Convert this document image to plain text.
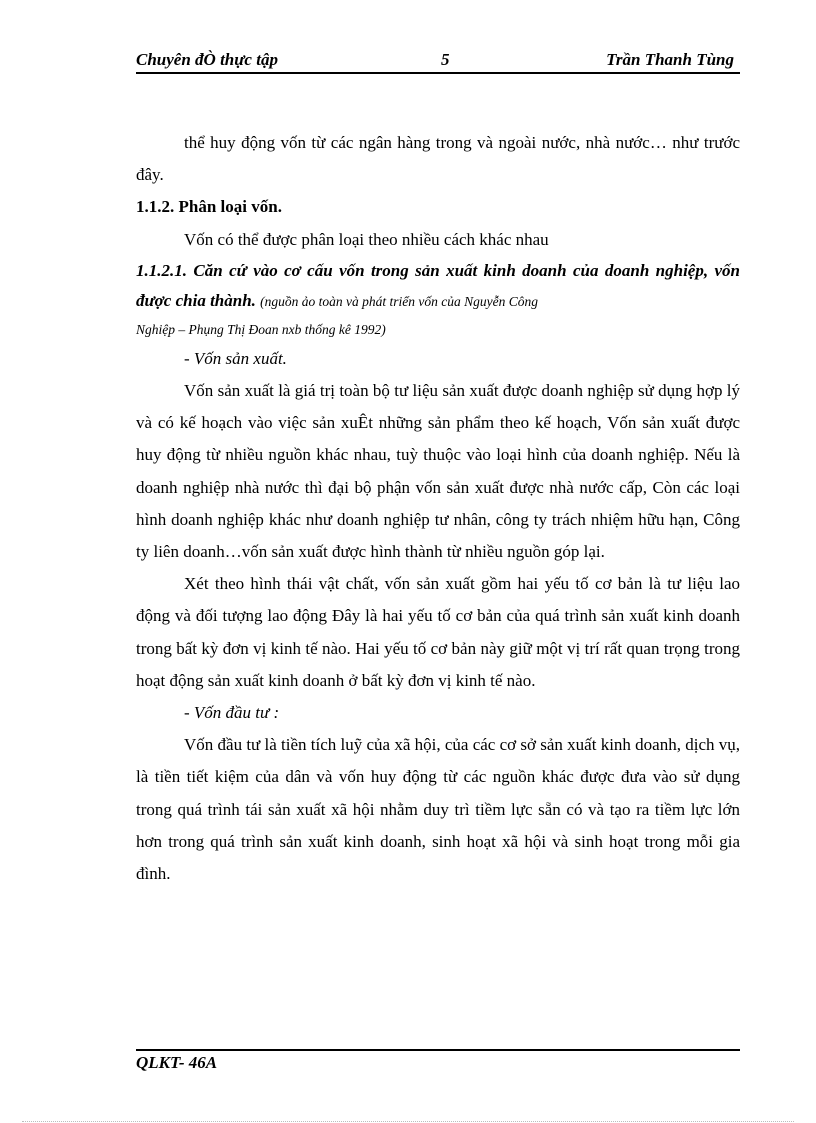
Chuyên đÒ thực tập	5	Trần Thanh Tùng

thể huy động vốn từ các ngân hàng trong và ngoài nước, nhà nước… như trước đây.

1.1.2. Phân loại vốn.

Vốn có thể được phân loại theo nhiều cách khác nhau

1.1.2.1. Căn cứ vào cơ cấu vốn trong sản xuất kinh doanh của doanh nghiệp, vốn được chia thành. (nguồn ảo toàn và phát triển vốn của Nguyễn Công

Nghiệp – Phụng Thị Đoan nxb thống kê 1992)

- Vốn sản xuất.

Vốn sản xuất là giá trị toàn bộ tư liệu sản xuất được doanh nghiệp sử dụng hợp lý và có kế hoạch vào việc sản xuÊt những sản phẩm theo kế hoạch, Vốn sản xuất được huy động từ nhiều nguồn khác nhau, tuỳ thuộc vào loại hình của doanh nghiệp. Nếu là doanh nghiệp nhà nước thì đại bộ phận vốn sản xuất được nhà nước cấp, Còn các loại hình doanh nghiệp khác như doanh nghiệp tư nhân, công ty trách nhiệm hữu hạn, Công ty liên doanh…vốn sản xuất được hình thành từ nhiều nguồn góp lại.

Xét theo hình thái vật chất, vốn sản xuất gồm hai yếu tố cơ bản là tư liệu lao động và đối tượng lao động Đây là hai yếu tố cơ bản của quá trình sản xuất kinh doanh trong bất kỳ đơn vị kinh tế nào. Hai yếu tố cơ bản này giữ một vị trí rất quan trọng trong hoạt động sản xuất kinh doanh ở bất kỳ đơn vị kinh tế nào.

- Vốn đầu tư :

Vốn đầu tư là tiền tích luỹ của xã hội, của các cơ sở sản xuất kinh doanh, dịch vụ, là tiền tiết kiệm của dân và vốn huy động từ các nguồn khác được đưa vào sử dụng trong quá trình tái sản xuất xã hội nhằm duy trì tiềm lực sẵn có và tạo ra tiềm lực lớn hơn trong quá trình sản xuất kinh doanh, sinh hoạt xã hội và sinh hoạt trong mỗi gia đình.

QLKT- 46A
